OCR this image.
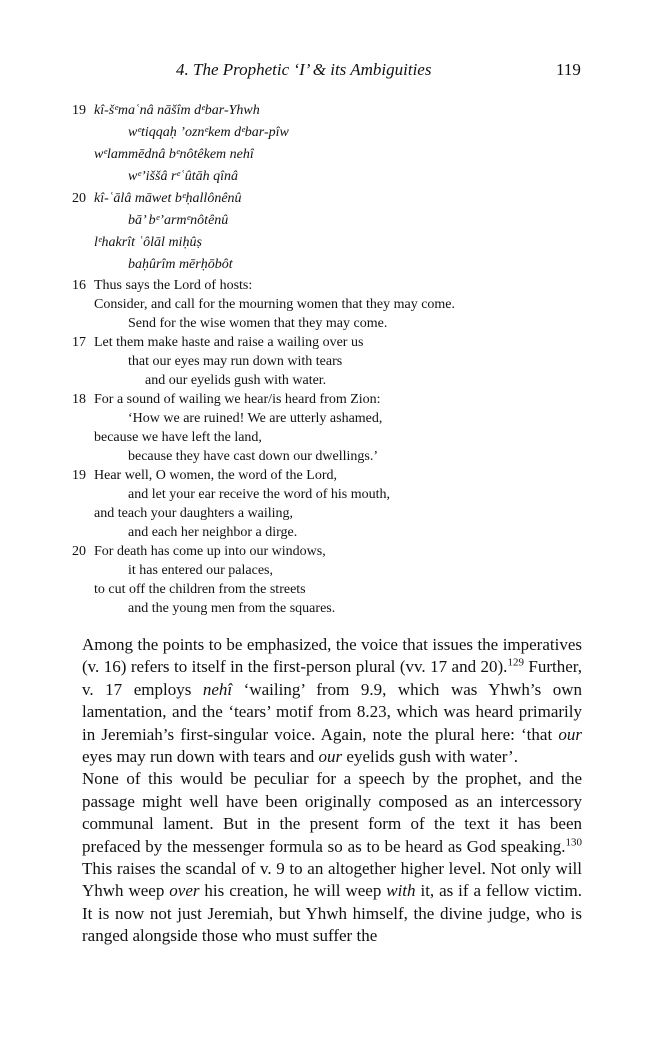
4. The Prophetic ‘I’ & its Ambiguities	119
19 kî-šᵉmaʿnâ nāšîm dᵉbar-Yhwh
wᵉtiqqaḥ ’oznᵉkem dᵉbar-pîw
wᵉlammēdnâ bᵉnôtêkem nehî
wᵉ’iššâ rᵉʿûtāh qînâ
20 kî-ʿālâ māwet bᵉḥallônênû
bā’ bᵉ’armᵉnôtênû
lᵉhakrît ʿôlāl miḥûṣ
baḥûrîm mērḥōbôt
16 Thus says the Lord of hosts:
Consider, and call for the mourning women that they may come.
Send for the wise women that they may come.
17 Let them make haste and raise a wailing over us
that our eyes may run down with tears
and our eyelids gush with water.
18 For a sound of wailing we hear/is heard from Zion:
‘How we are ruined! We are utterly ashamed,
because we have left the land,
because they have cast down our dwellings.’
19 Hear well, O women, the word of the Lord,
and let your ear receive the word of his mouth,
and teach your daughters a wailing,
and each her neighbor a dirge.
20 For death has come up into our windows,
it has entered our palaces,
to cut off the children from the streets
and the young men from the squares.

Among the points to be emphasized, the voice that issues the imperatives (v. 16) refers to itself in the first-person plural (vv. 17 and 20).$^{129}$ Further, v. 17 employs nehî ‘wailing’ from 9.9, which was Yhwh’s own lamentation, and the ‘tears’ motif from 8.23, which was heard primarily in Jeremiah’s first-singular voice. Again, note the plural here: ‘that our eyes may run down with tears and our eyelids gush with water’.

None of this would be peculiar for a speech by the prophet, and the passage might well have been originally composed as an intercessory communal lament. But in the present form of the text it has been prefaced by the messenger formula so as to be heard as God speaking.$^{130}$ This raises the scandal of v. 9 to an altogether higher level. Not only will Yhwh weep over his creation, he will weep with it, as if a fellow victim. It is now not just Jeremiah, but Yhwh himself, the divine judge, who is ranged alongside those who must suffer the
